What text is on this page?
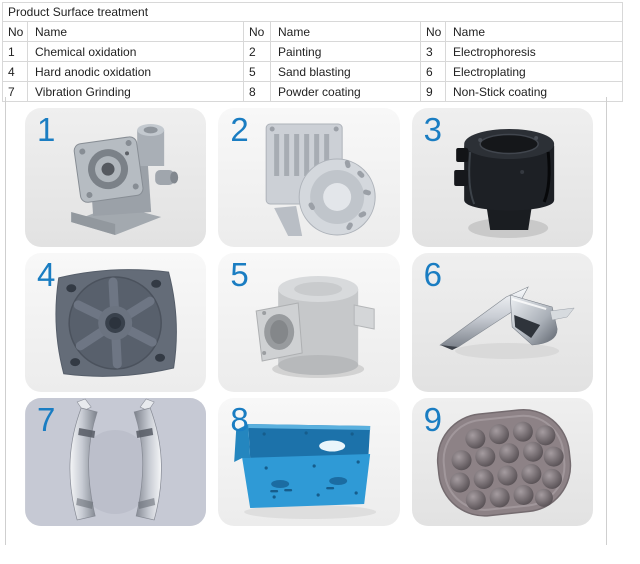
Product Surface treatment					
No	Name	No	Name	No	Name
1	Chemical oxidation	2	Painting	3	Electrophoresis
4	Hard anodic oxidation	5	Sand blasting	6	Electroplating
7	Vibration Grinding	8	Powder coating	9	Non-Stick coating
1	2	3
4	5	6
7	8	9
